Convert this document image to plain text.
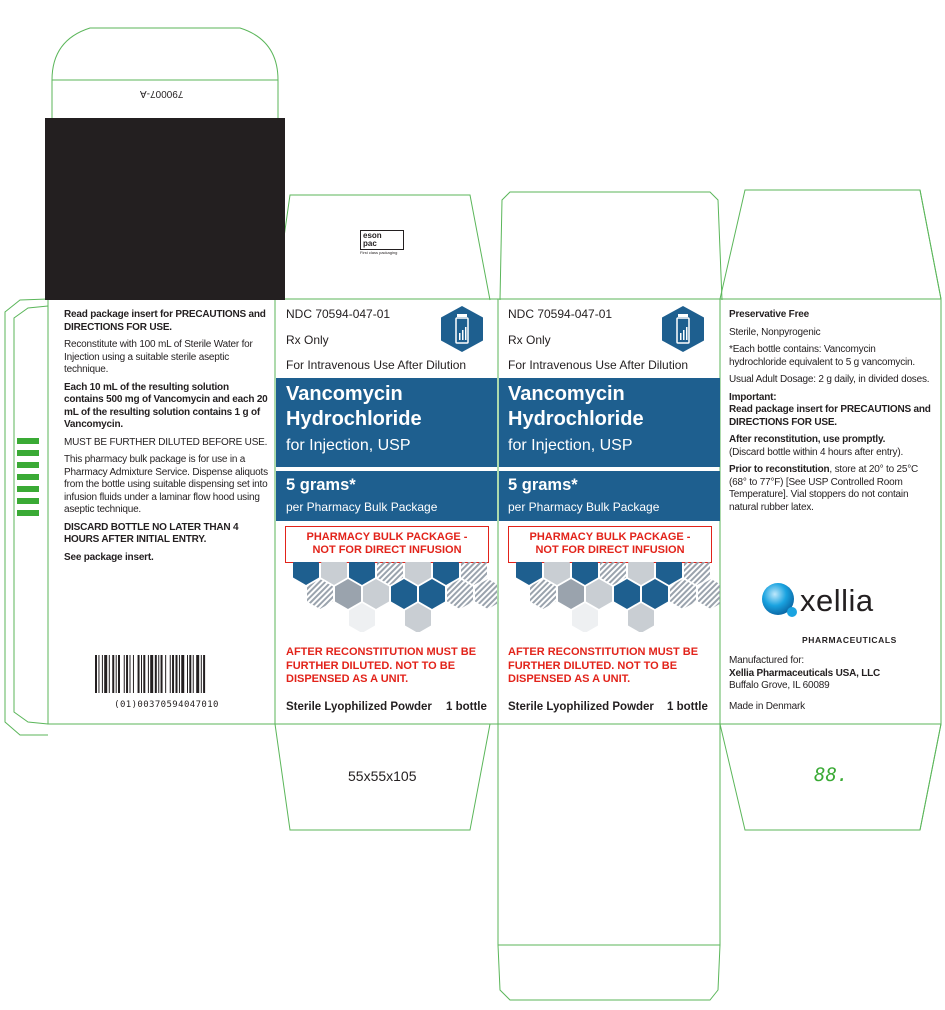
790007-A
eson
pac
First class packaging

Read package insert for PRECAUTIONS and DIRECTIONS FOR USE.

Reconstitute with 100 mL of Sterile Water for Injection using a suitable sterile aseptic technique.

Each 10 mL of the resulting solution contains 500 mg of Vancomycin and each 20 mL of the resulting solution contains 1 g of Vancomycin.

MUST BE FURTHER DILUTED BEFORE USE.

This pharmacy bulk package is for use in a Pharmacy Admixture Service. Dispense aliquots from the bottle using suitable dispensing set into infusion fluids under a laminar flow hood using aseptic technique.

DISCARD BOTTLE NO LATER THAN 4 HOURS AFTER INITIAL ENTRY.

See package insert.

(01)00370594047010
NDC 70594-047-01
Rx Only
For Intravenous Use After Dilution
Vancomycin
Hydrochloride
for Injection, USP
5 grams*
per Pharmacy Bulk Package
PHARMACY BULK PACKAGE -
NOT FOR DIRECT INFUSION
AFTER RECONSTITUTION MUST BE
FURTHER DILUTED. NOT TO BE
DISPENSED AS A UNIT.
Sterile Lyophilized Powder 1 bottle
NDC 70594-047-01
Rx Only
For Intravenous Use After Dilution
Vancomycin
Hydrochloride
for Injection, USP
5 grams*
per Pharmacy Bulk Package
PHARMACY BULK PACKAGE -
NOT FOR DIRECT INFUSION
AFTER RECONSTITUTION MUST BE
FURTHER DILUTED. NOT TO BE
DISPENSED AS A UNIT.
Sterile Lyophilized Powder 1 bottle
55x55x105	88.

Preservative Free

Sterile, Nonpyrogenic

*Each bottle contains: Vancomycin hydrochloride equivalent to 5 g vancomycin.

Usual Adult Dosage: 2 g daily, in divided doses.

Important:
Read package insert for PRECAUTIONS and DIRECTIONS FOR USE.

After reconstitution, use promptly.
(Discard bottle within 4 hours after entry).

Prior to reconstitution, store at 20° to 25°C (68° to 77°F) [See USP Controlled Room Temperature]. Vial stoppers do not contain natural rubber latex.

xellia
PHARMACEUTICALS

Manufactured for:

Xellia Pharmaceuticals USA, LLC

Buffalo Grove, IL 60089

Made in Denmark
